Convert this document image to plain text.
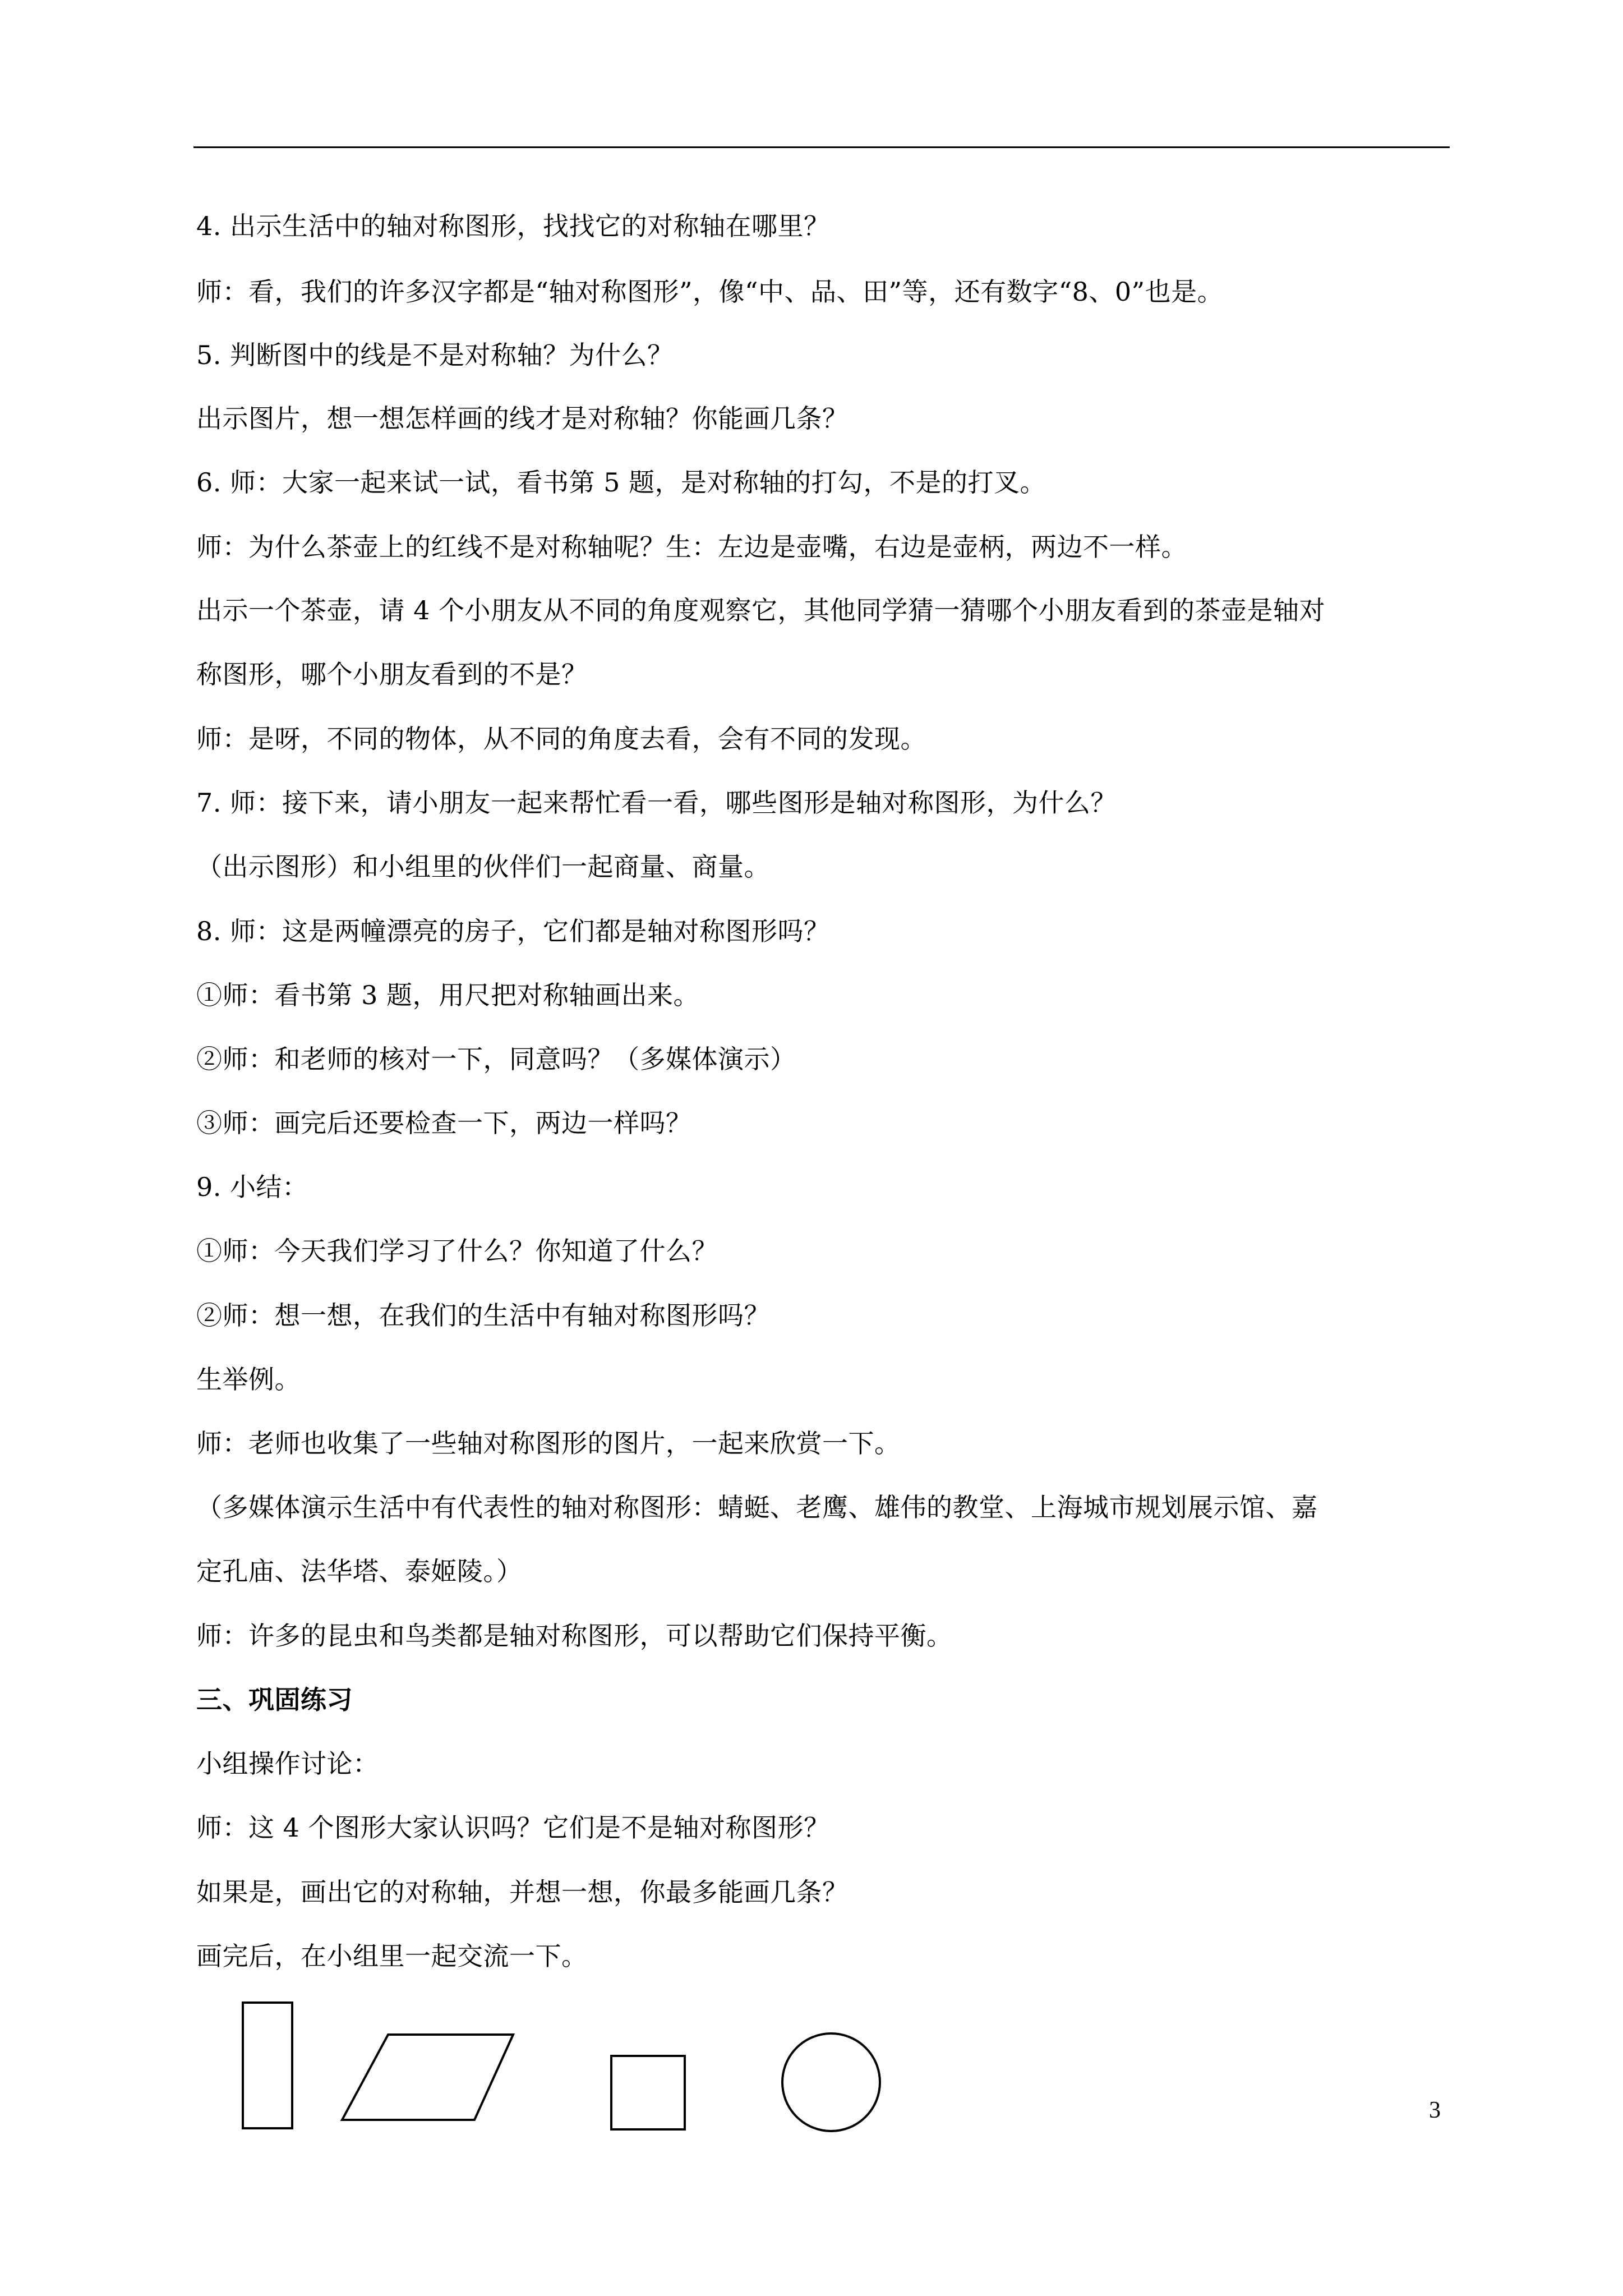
4. 出示生活中的轴对称图形，找找它的对称轴在哪里？
师：看，我们的许多汉字都是“轴对称图形”，像“中、品、田”等，还有数字“8、0”也是。
5. 判断图中的线是不是对称轴？为什么？
出示图片，想一想怎样画的线才是对称轴？你能画几条？
6. 师：大家一起来试一试，看书第 5 题，是对称轴的打勾，不是的打叉。
师：为什么茶壶上的红线不是对称轴呢？生：左边是壶嘴，右边是壶柄，两边不一样。
出示一个茶壶，请 4 个小朋友从不同的角度观察它，其他同学猜一猜哪个小朋友看到的茶壶是轴对
称图形，哪个小朋友看到的不是？
师：是呀，不同的物体，从不同的角度去看，会有不同的发现。
7. 师：接下来，请小朋友一起来帮忙看一看，哪些图形是轴对称图形，为什么？
（出示图形）和小组里的伙伴们一起商量、商量。
8. 师：这是两幢漂亮的房子，它们都是轴对称图形吗？
①师：看书第 3 题，用尺把对称轴画出来。
②师：和老师的核对一下，同意吗？（多媒体演示）
③师：画完后还要检查一下，两边一样吗？
9. 小结：
①师：今天我们学习了什么？你知道了什么？
②师：想一想，在我们的生活中有轴对称图形吗？
生举例。
师：老师也收集了一些轴对称图形的图片，一起来欣赏一下。
（多媒体演示生活中有代表性的轴对称图形：蜻蜓、老鹰、雄伟的教堂、上海城市规划展示馆、嘉
定孔庙、法华塔、泰姬陵。）
师：许多的昆虫和鸟类都是轴对称图形，可以帮助它们保持平衡。
三、巩固练习
小组操作讨论：
师：这 4 个图形大家认识吗？它们是不是轴对称图形？
如果是，画出它的对称轴，并想一想，你最多能画几条？
画完后，在小组里一起交流一下。
3
